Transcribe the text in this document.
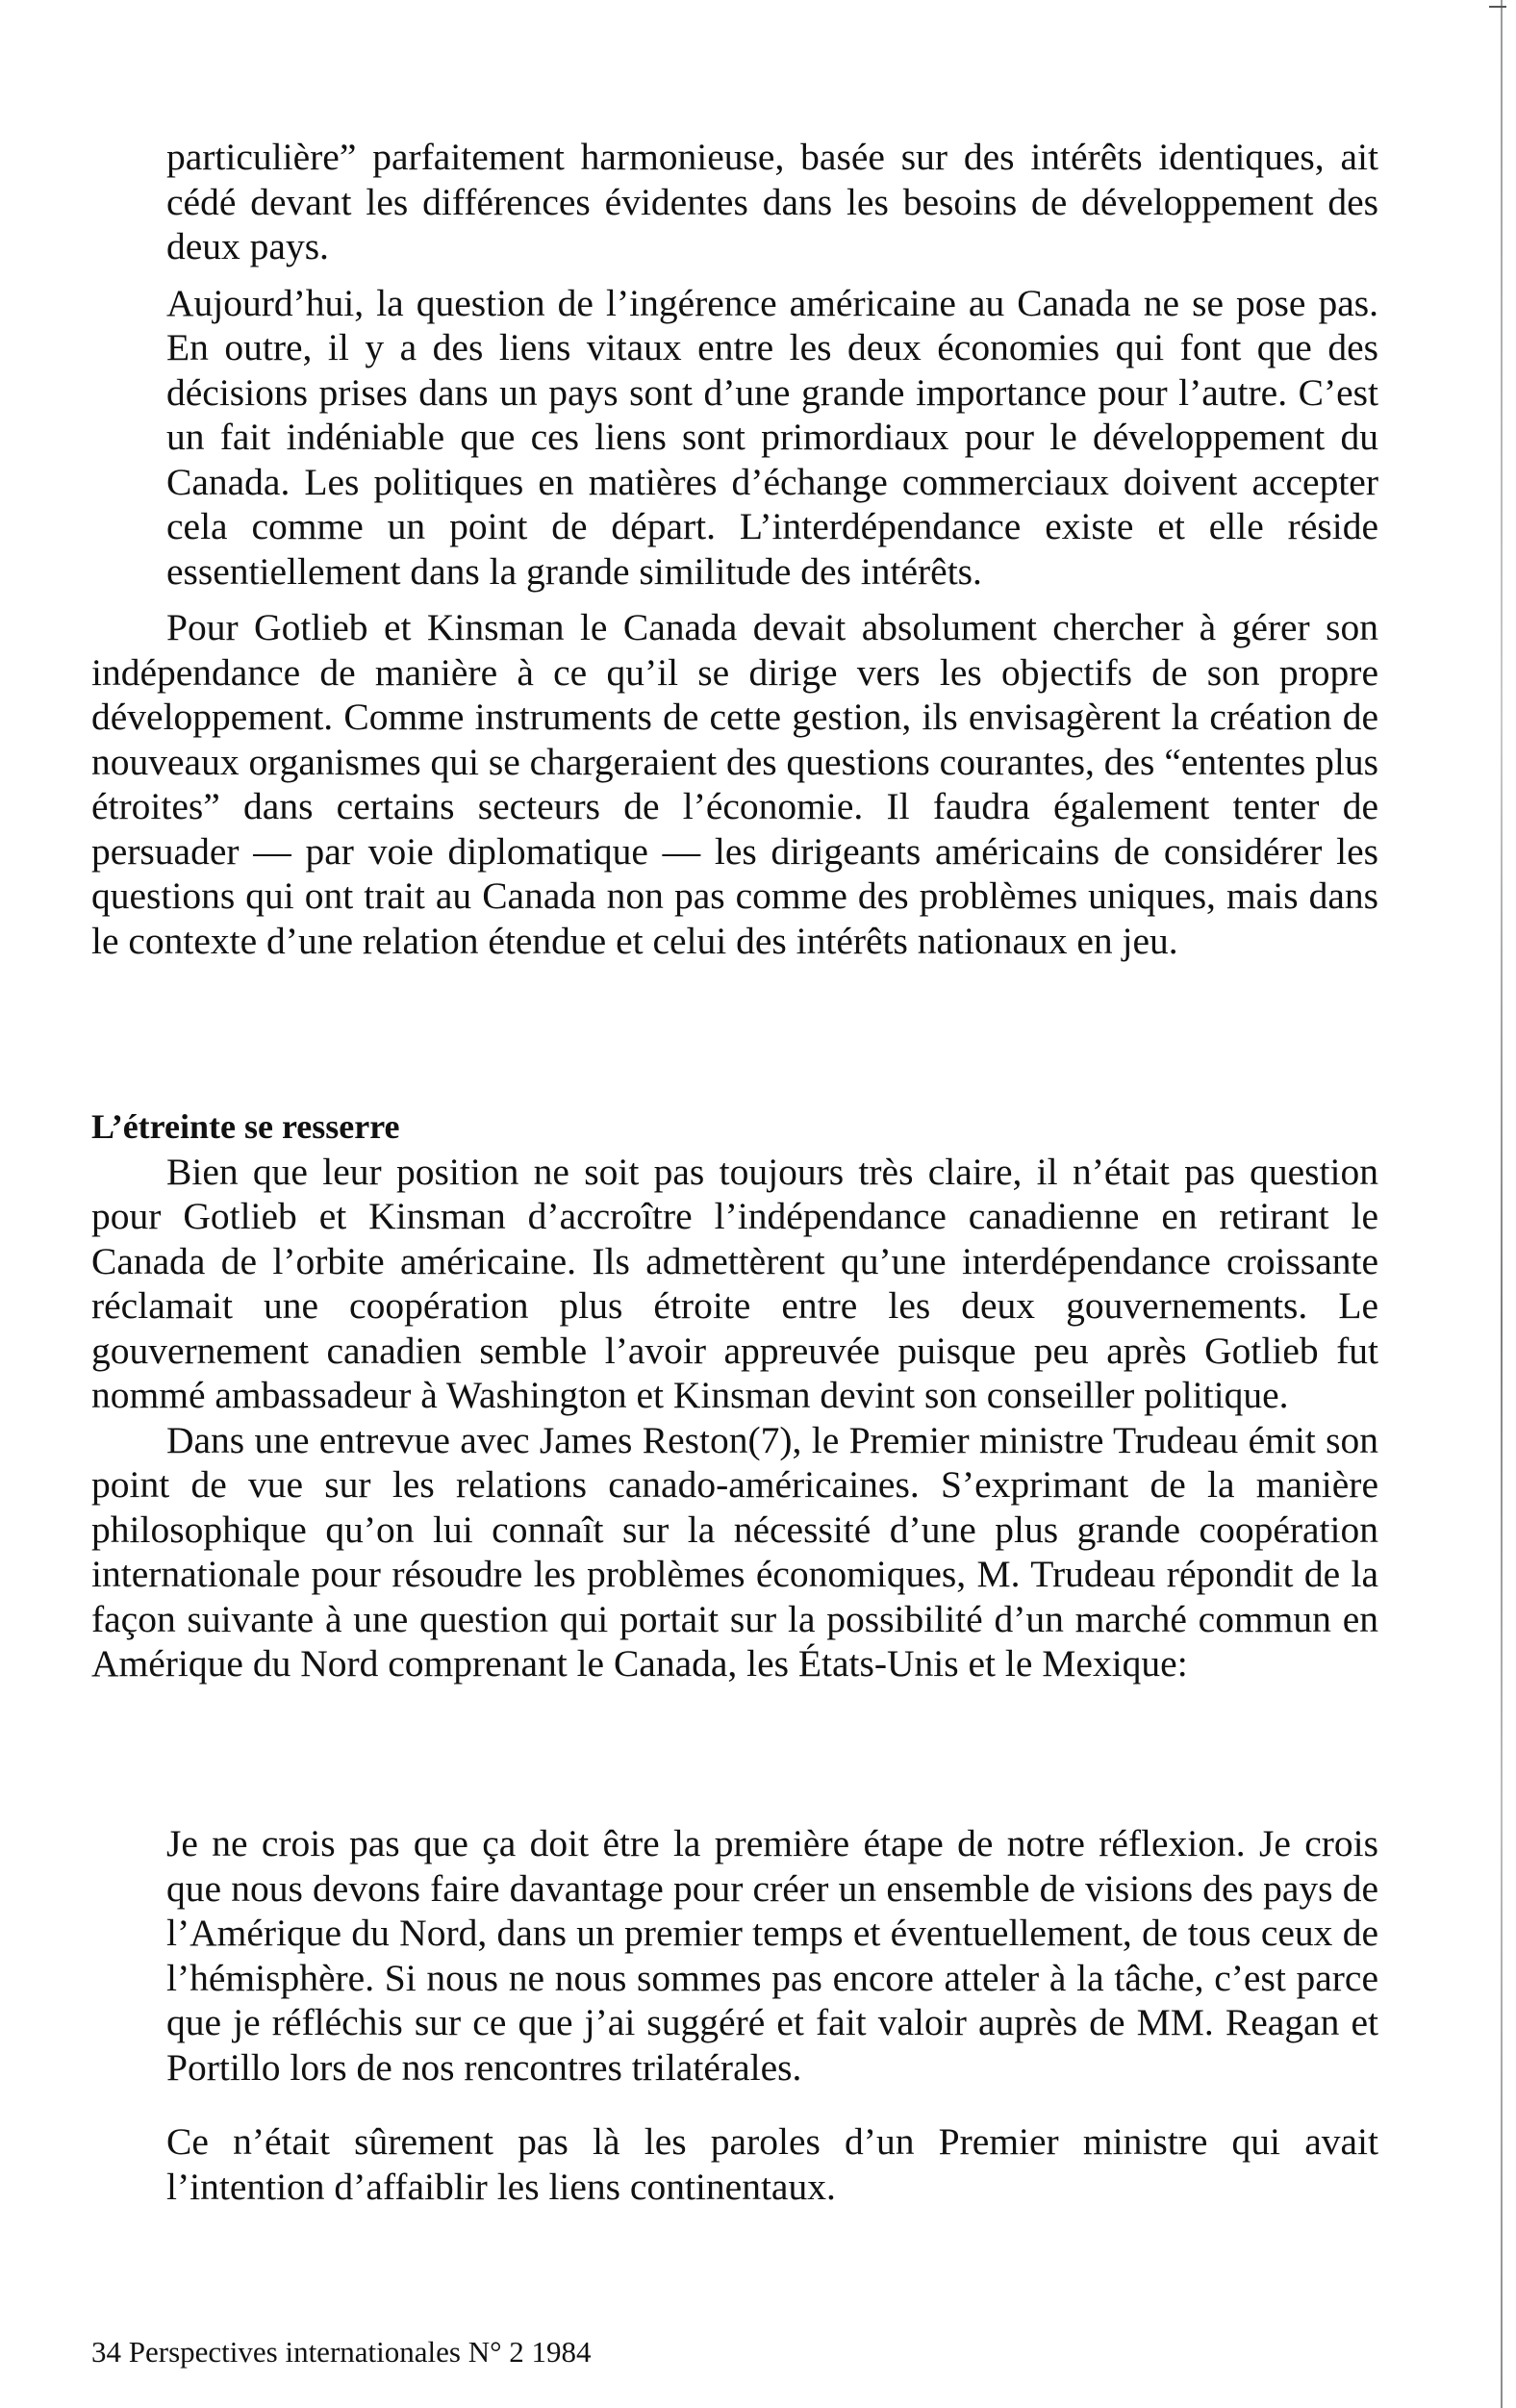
particulière” parfaitement harmonieuse, basée sur des intérêts identiques, ait cédé devant les différences évidentes dans les besoins de développement des deux pays.

Aujourd’hui, la question de l’ingérence américaine au Canada ne se pose pas. En outre, il y a des liens vitaux entre les deux économies qui font que des décisions prises dans un pays sont d’une grande importance pour l’autre. C’est un fait indéniable que ces liens sont primordiaux pour le développement du Canada. Les politiques en matières d’échange commerciaux doivent accepter cela comme un point de départ. L’interdépendance existe et elle réside essentiellement dans la grande similitude des intérêts.

Pour Gotlieb et Kinsman le Canada devait absolument chercher à gérer son indépendance de manière à ce qu’il se dirige vers les objectifs de son propre développement. Comme instruments de cette gestion, ils envisagèrent la création de nouveaux organismes qui se chargeraient des questions courantes, des “ententes plus étroites” dans certains secteurs de l’économie. Il faudra également tenter de persuader — par voie diplomatique — les dirigeants américains de considérer les questions qui ont trait au Canada non pas comme des problèmes uniques, mais dans le contexte d’une relation étendue et celui des intérêts nationaux en jeu.

L’étreinte se resserre

Bien que leur position ne soit pas toujours très claire, il n’était pas question pour Gotlieb et Kinsman d’accroître l’indépendance canadienne en retirant le Canada de l’orbite américaine. Ils admettèrent qu’une interdépendance croissante réclamait une coopération plus étroite entre les deux gouvernements. Le gouvernement canadien semble l’avoir appreuvée puisque peu après Gotlieb fut nommé ambassadeur à Washington et Kinsman devint son conseiller politique.

Dans une entrevue avec James Reston(7), le Premier ministre Trudeau émit son point de vue sur les relations canado-américaines. S’exprimant de la manière philosophique qu’on lui connaît sur la nécessité d’une plus grande coopération internationale pour résoudre les problèmes économiques, M. Trudeau répondit de la façon suivante à une question qui portait sur la possibilité d’un marché commun en Amérique du Nord comprenant le Canada, les États-Unis et le Mexique:

Je ne crois pas que ça doit être la première étape de notre réflexion. Je crois que nous devons faire davantage pour créer un ensemble de visions des pays de l’Amérique du Nord, dans un premier temps et éventuellement, de tous ceux de l’hémisphère. Si nous ne nous sommes pas encore atteler à la tâche, c’est parce que je réfléchis sur ce que j’ai suggéré et fait valoir auprès de MM. Reagan et Portillo lors de nos rencontres trilatérales.

Ce n’était sûrement pas là les paroles d’un Premier ministre qui avait l’intention d’affaiblir les liens continentaux.

34 Perspectives internationales N° 2 1984
